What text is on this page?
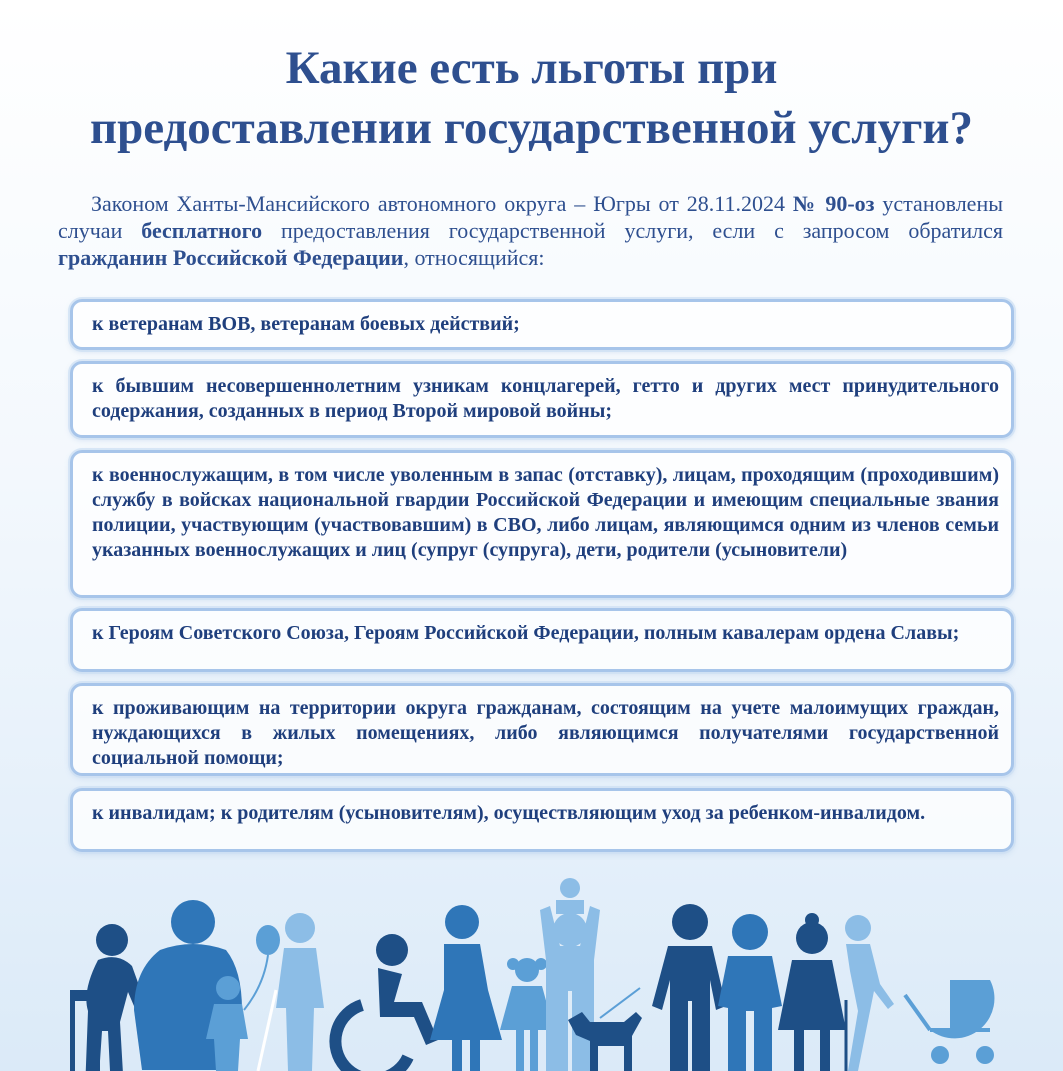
Какие есть льготы при
предоставлении государственной услуги?

Законом Ханты-Мансийского автономного округа – Югры от 28.11.2024 № 90-оз установлены случаи бесплатного предоставления государственной услуги, если с запросом обратился гражданин Российской Федерации, относящийся:

к ветеранам ВОВ, ветеранам боевых действий;
к бывшим несовершеннолетним узникам концлагерей, гетто и других мест принудительного содержания, созданных в период Второй мировой войны;
к военнослужащим, в том числе уволенным в запас (отставку), лицам, проходящим (проходившим) службу в войсках национальной гвардии Российской Федерации и имеющим специальные звания полиции, участвующим (участвовавшим) в СВО, либо лицам, являющимся одним из членов семьи указанных военнослужащих и лиц (супруг (супруга), дети, родители (усыновители)
к Героям Советского Союза, Героям Российской Федерации, полным кавалерам ордена Славы;
к проживающим на территории округа гражданам, состоящим на учете малоимущих граждан, нуждающихся в жилых помещениях, либо являющимся получателями государственной социальной помощи;
к инвалидам; к родителям (усыновителям), осуществляющим уход за ребенком-инвалидом.
